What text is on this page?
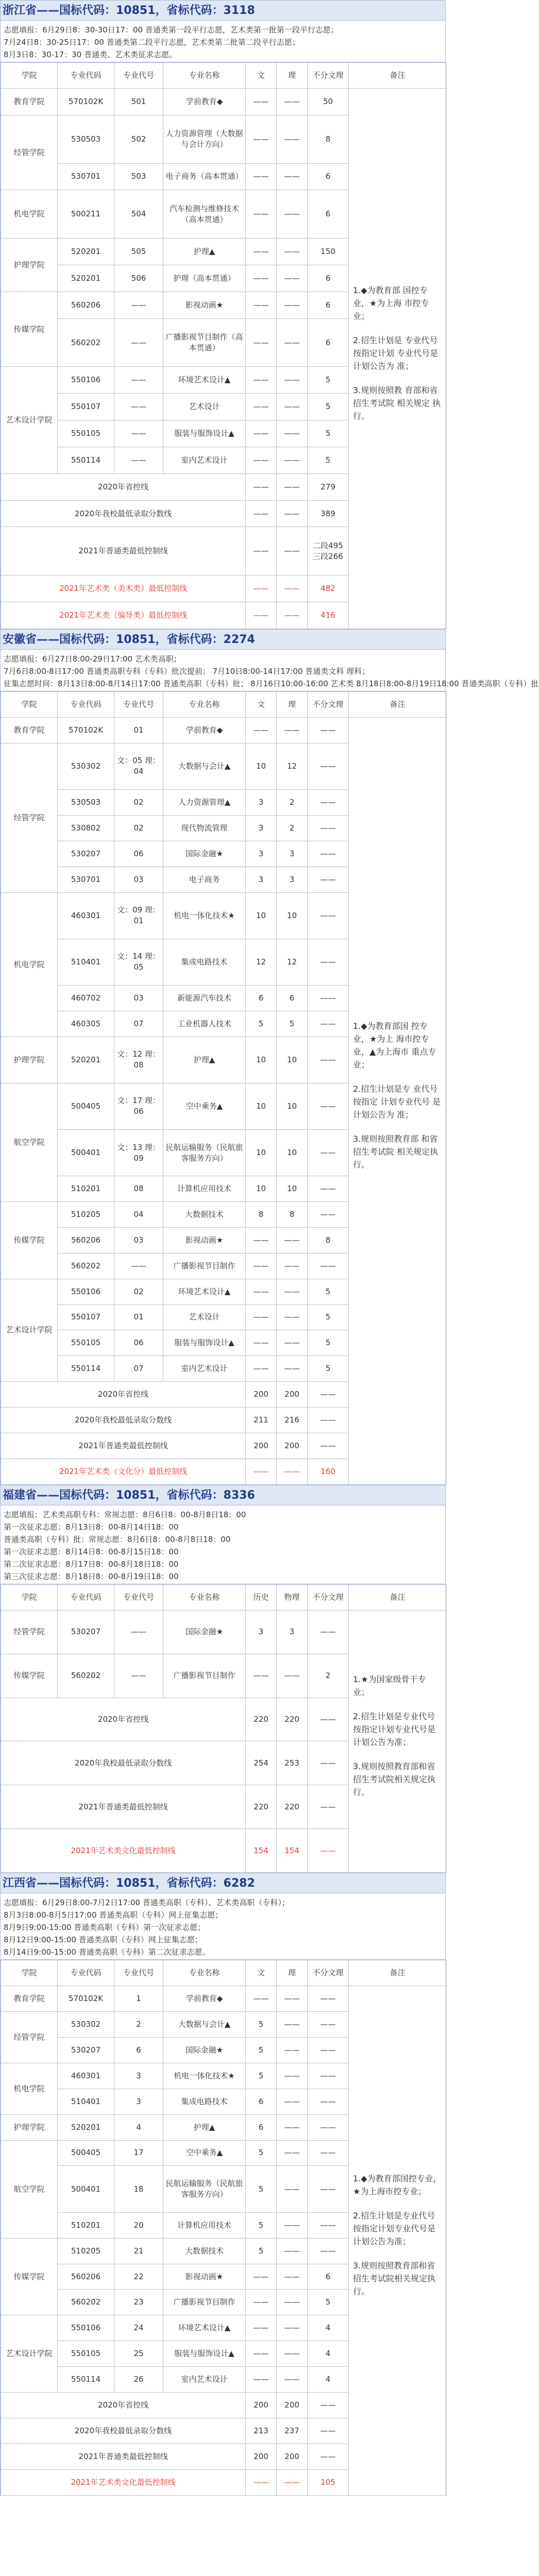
浙江省——国标代码：10851，省标代码：3118
志愿填报：6月29日8：30-30日17：00 普通类第一段平行志愿，艺术类第一批第一段平行志愿；
7月24日8：30-25日17：00 普通类第二段平行志愿，艺术类第二批第二段平行志愿；
8月3日8：30-17：30 普通类、艺术类征求志愿。
学院	专业代码	专业代号	专业名称	文	理	不分文理	备注
教育学院	570102K	501	学前教育◆	——	——	50	1.◆为教育部 国控专业，★为上海 市控专业；

2.招生计划是 专业代号 按指定计划 专业代号是 计划公告为 准；

3.规则按照教 育部和省 招生考试院 相关规定 执行。

经管学院	530503	502	人力资源管理（大数据与会计方向）	——	——	8	
	530701	503	电子商务（高本贯通）	——	——	6	
机电学院	500211	504	汽车检测与维修技术（高本贯通）	——	——	6	
护理学院	520201	505	护理▲	——	——	150	
	520201	506	护理（高本贯通）	——	——	6	
传媒学院	560206	——	影视动画★	——	——	6	
	560202	——	广播影视节目制作（高本贯通）	——	——	6	
艺术设计学院	550106	——	环境艺术设计▲	——	——	5	
	550107	——	艺术设计	——	——	5	
	550105	——	服装与服饰设计▲	——	——	5	
	550114	——	室内艺术设计	——	——	5	
2020年省控线				——	——	279	
2020年我校最低录取分数线				——	——	389	
2021年普通类最低控制线				——	——	二段495 三段266	
2021年艺术类（美术类）最低控制线				——	——	482	
2021年艺术类（编导类）最低控制线				——	——	416	
安徽省——国标代码：10851，省标代码：2274
志愿填报：6月27日8:00-29日17:00 艺术类高职；
7月6日8:00-8日17:00 普通类高职专科（专科）批次提前； 7月10日8:00-14日17:00 普通类文科 理科；
征集志愿时间：8月13日8:00-8月14日17:00 普通类高职（专科）批； 8月16日10:00-16:00 艺术类 8月18日8:00-8月19日18:00 普通类高职（专科）批
学院	专业代码	专业代号	专业名称	文	理	不分文理	备注
教育学院	570102K	01	学前教育◆	——	——	——	1.◆为教育部国 控专业，★为上 海市控专业，▲为上海市 重点专业；

2.招生计划是专 业代号按指定 计划专业代号 是计划公告为 准；

3.规则按照教育部 和省招生考试院 相关规定执行。

经管学院	530302	文：05 理：04	大数据与会计▲	10	12	——	
	530503	02	人力资源管理▲	3	2	——	
	530802	02	现代物流管理	3	2	——	
	530207	06	国际金融★	3	3	——	
	530701	03	电子商务	3	3	——	
机电学院	460301	文：09 理：01	机电一体化技术★	10	10	——	
	510401	文：14 理：05	集成电路技术	12	12	——	
	460702	03	新能源汽车技术	6	6	——	
	460305	07	工业机器人技术	5	5	——	
护理学院	520201	文：12 理：08	护理▲	10	10	——	
航空学院	500405	文：17 理：06	空中乘务▲	10	10	——	
	500401	文：13 理：09	民航运输服务（民航旅客服务方向）	10	10	——	
	510201	08	计算机应用技术	10	10	——	
传媒学院	510205	04	大数据技术	8	8	——	
	560206	03	影视动画★	——	——	8	
	560202	——	广播影视节目制作	——	——	——	
艺术设计学院	550106	02	环境艺术设计▲	——	——	5	
	550107	01	艺术设计	——	——	5	
	550105	06	服装与服饰设计▲	——	——	5	
	550114	07	室内艺术设计	——	——	5	
2020年省控线				200	200	——	
2020年我校最低录取分数线				211	216	——	
2021年普通类最低控制线				200	200	——	
2021年艺术类（文化分）最低控制线				——	——	160	
福建省——国标代码：10851，省标代码：8336
志愿填报：艺术类高职专科：常规志愿：8月6日8：00-8月8日18：00
第一次征求志愿：8月13日8：00-8月14日18：00
普通类高职（专科）批：常规志愿：8月6日8：00-8月8日18：00
第一次征求志愿：8月14日8：00-8月15日18：00
第二次征求志愿：8月17日8：00-8月18日18：00
第三次征求志愿：8月18日8：00-8月19日18：00
学院	专业代码	专业代号	专业名称	历史	物理	不分文理	备注
经管学院	530207	——	国际金融★	3	3	——	1.★为国家级骨干专业；

2.招生计划是专业代号按指定计划专业代号是计划公告为准；

3.规则按照教育部和省招生考试院相关规定执行。

传媒学院	560202	——	广播影视节目制作	——	——	2	
2020年省控线				220	220	——	
2020年我校最低录取分数线				254	253	——	
2021年普通类最低控制线				220	220	——	
2021年艺术类文化最低控制线				154	154	——	
江西省——国标代码：10851，省标代码：6282
志愿填报：6月29日8:00-7月2日17:00 普通类高职（专科）、艺术类高职（专科）；
8月3日8:00-8月5日17:00 普通类高职（专科）网上征集志愿；
8月9日9:00-15:00 普通类高职（专科）第一次征求志愿；
8月12日9:00-15:00 普通类高职（专科）网上征集志愿；
8月14日9:00-15:00 普通类高职（专科）第二次征求志愿。
学院	专业代码	专业代号	专业名称	文	理	不分文理	备注
教育学院	570102K	1	学前教育◆	——	——	——	1.◆为教育部国控专业，★为上海市控专业；

2.招生计划是专业代号按指定计划专业代号是计划公告为准；

3.规则按照教育部和省招生考试院相关规定执行。

经管学院	530302	2	大数据与会计▲	5	——	——	
	530207	6	国际金融★	5	——	——	
机电学院	460301	3	机电一体化技术★	5	——	——	
	510401	3	集成电路技术	6	——	——	
护理学院	520201	4	护理▲	6	——	——	
航空学院	500405	17	空中乘务▲	5	——	——	
	500401	18	民航运输服务（民航旅客服务方向）	5	——	——	
	510201	20	计算机应用技术	5	——	——	
传媒学院	510205	21	大数据技术	5	——	——	
	560206	22	影视动画★	——	——	6	
	560202	23	广播影视节目制作	——	——	5	
艺术设计学院	550106	24	环境艺术设计▲	——	——	4	
	550105	25	服装与服饰设计▲	——	——	4	
	550114	26	室内艺术设计	——	——	4	
2020年省控线				200	200	——	
2020年我校最低录取分数线				213	237	——	
2021年普通类最低控制线				200	200	——	
2021年艺术类文化最低控制线				——	——	105	
